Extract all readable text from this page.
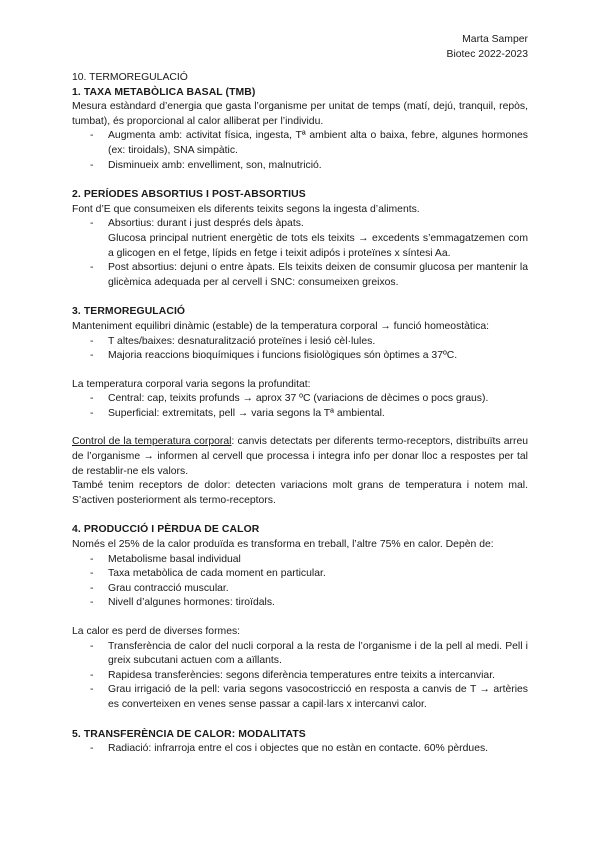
Marta Samper
Biotec 2022-2023

10. TERMOREGULACIÓ

1. TAXA METABÒLICA BASAL (TMB)

Mesura estàndard d’energia que gasta l’organisme per unitat de temps (matí, dejú, tranquil, repòs, tumbat), és proporcional al calor alliberat per l’individu.

- Augmenta amb: activitat física, ingesta, Tª ambient alta o baixa, febre, algunes hormones (ex: tiroidals), SNA simpàtic.
- Disminueix amb: envelliment, son, malnutrició.

2. PERÍODES ABSORTIUS I POST-ABSORTIUS

Font d’E que consumeixen els diferents teixits segons la ingesta d’aliments.

- Absortius: durant i just després dels àpats.
Glucosa principal nutrient energètic de tots els teixits → excedents s’emmagatzemen com a glicogen en el fetge, lípids en fetge i teixit adipós i proteïnes x síntesi Aa.
- Post absortius: dejuni o entre àpats. Els teixits deixen de consumir glucosa per mantenir la glicèmica adequada per al cervell i SNC: consumeixen greixos.

3. TERMOREGULACIÓ

Manteniment equilibri dinàmic (estable) de la temperatura corporal → funció homeostàtica:

- T altes/baixes: desnaturalització proteïnes i lesió cèl·lules.
- Majoria reaccions bioquímiques i funcions fisiològiques són òptimes a 37ºC.

La temperatura corporal varia segons la profunditat:

- Central: cap, teixits profunds → aprox 37 ºC (variacions de dècimes o pocs graus).
- Superficial: extremitats, pell → varia segons la Tª ambiental.

Control de la temperatura corporal: canvis detectats per diferents termo-receptors, distribuïts arreu de l’organisme → informen al cervell que processa i integra info per donar lloc a respostes per tal de restablir-ne els valors.

També tenim receptors de dolor: detecten variacions molt grans de temperatura i notem mal. S’activen posteriorment als termo-receptors.

4. PRODUCCIÓ I PÈRDUA DE CALOR

Només el 25% de la calor produïda es transforma en treball, l’altre 75% en calor. Depèn de:

- Metabolisme basal individual
- Taxa metabòlica de cada moment en particular.
- Grau contracció muscular.
- Nivell d’algunes hormones: tiroïdals.

La calor es perd de diverses formes:

- Transferència de calor del nucli corporal a la resta de l’organisme i de la pell al medi. Pell i greix subcutani actuen com a aïllants.
- Rapidesa transferències: segons diferència temperatures entre teixits a intercanviar.
- Grau irrigació de la pell: varia segons vasocostricció en resposta a canvis de T → artèries es converteixen en venes sense passar a capil·lars x intercanvi calor.

5. TRANSFERÈNCIA DE CALOR: MODALITATS

- Radiació: infrarroja entre el cos i objectes que no estàn en contacte. 60% pèrdues.
